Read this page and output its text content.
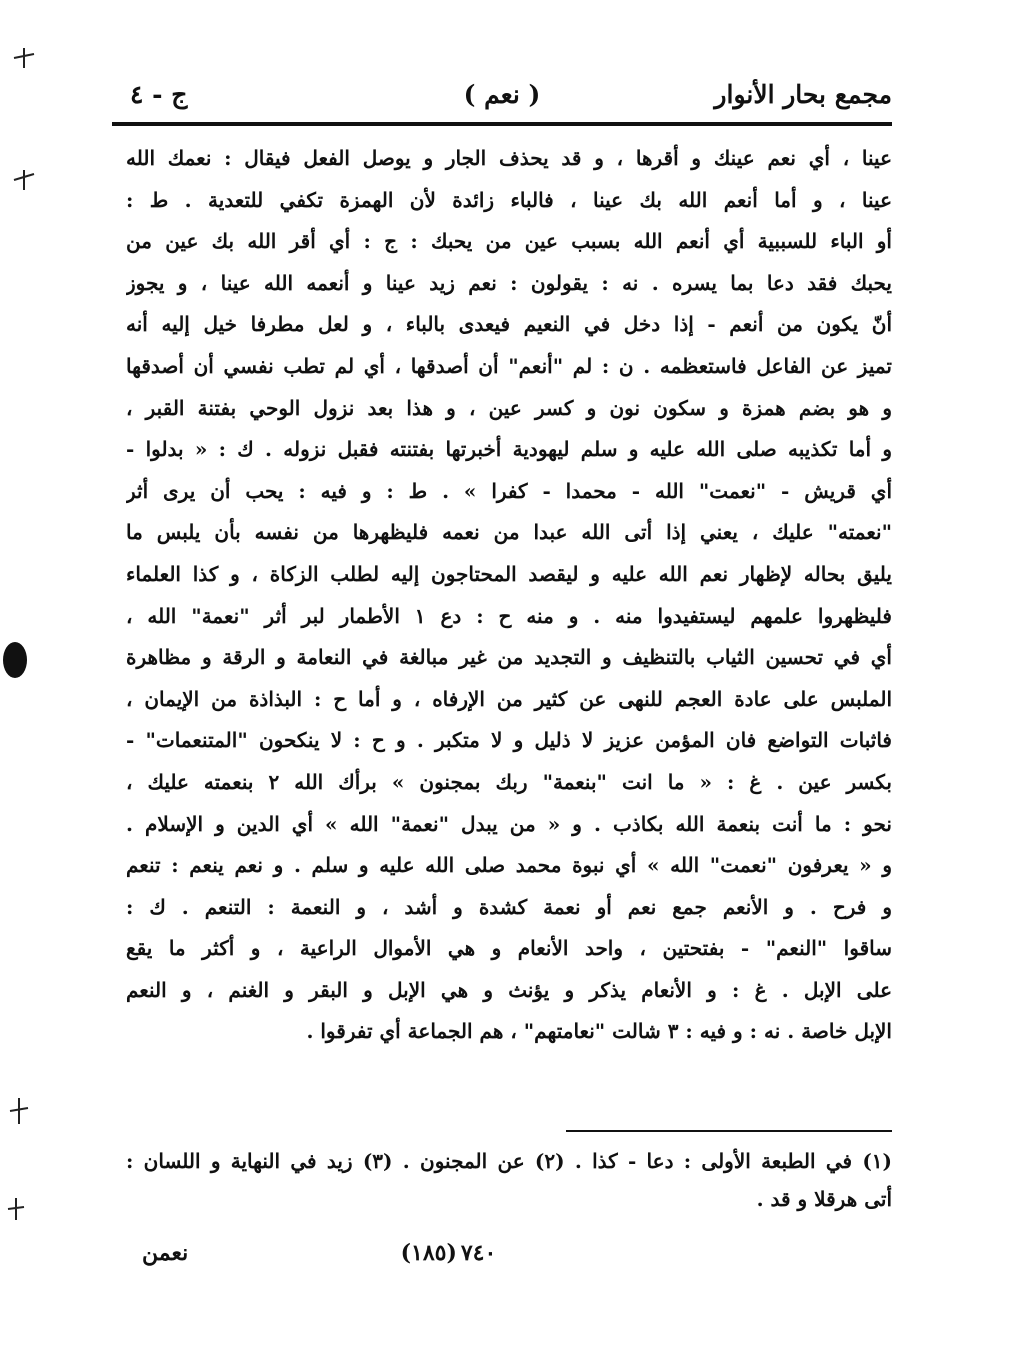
مجمع بحار الأنوار
( نعم )
ج - ٤
عينا ، أي نعم عينك و أقرها ، و قد يحذف الجار و يوصل الفعل فيقال : نعمك الله
عينا ، و أما أنعم الله بك عينا ، فالباء زائدة لأن الهمزة تكفي للتعدية . ط :
أو الباء للسببية أي أنعم الله بسبب عين من يحبك : ج : أي أقر الله بك عين من
يحبك فقد دعا بما يسره . نه : يقولون : نعم زيد عينا و أنعمه الله عينا ، و يجوز
أنّ يكون من أنعم - إذا دخل في النعيم فيعدى بالباء ، و لعل مطرفا خيل إليه أنه
تميز عن الفاعل فاستعظمه . ن : لم "أنعم" أن أصدقها ، أي لم تطب نفسي أن أصدقها
و هو بضم همزة و سكون نون و كسر عين ، و هذا بعد نزول الوحي بفتنة القبر ،
و أما تكذيبه صلى الله عليه و سلم ليهودية أخبرتها بفتنته فقبل نزوله . ك : « بدلوا -
أي قريش - "نعمت" الله - محمدا - كفرا » . ط : و فيه : يحب أن يرى أثر
"نعمته" عليك ، يعني إذا أتى الله عبدا من نعمه فليظهرها من نفسه بأن يلبس ما
يليق بحاله لإظهار نعم الله عليه و ليقصد المحتاجون إليه لطلب الزكاة ، و كذا العلماء
فليظهروا علمهم ليستفيدوا منه . و منه ح : دع ١ الأطمار لبر أثر "نعمة" الله ،
أي في تحسين الثياب بالتنظيف و التجديد من غير مبالغة في النعامة و الرقة و مظاهرة
الملبس على عادة العجم للنهى عن كثير من الإرفاه ، و أما ح : البذاذة من الإيمان ،
فاثبات التواضع فان المؤمن عزيز لا ذليل و لا متكبر . و ح : لا ينكحون "المتنعمات" -
بكسر عين . غ : « ما انت "بنعمة" ربك بمجنون » برأك الله ٢ بنعمته عليك ،
نحو : ما أنت بنعمة الله بكاذب . و « من يبدل "نعمة" الله » أي الدين و الإسلام .
و « يعرفون "نعمت" الله » أي نبوة محمد صلى الله عليه و سلم . و نعم ينعم : تنعم
و فرح . و الأنعم جمع نعم أو نعمة كشدة و أشد ، و النعمة : التنعم . ك :
ساقوا "النعم" - بفتحتين ، واحد الأنعام و هي الأموال الراعية ، و أكثر ما يقع
على الإبل . غ : و الأنعام يذكر و يؤنث و هي الإبل و البقر و الغنم ، و النعم
الإبل خاصة . نه : و فيه : ٣ شالت "نعامتهم" ، هم الجماعة أي تفرقوا .
(١) في الطبعة الأولى : دعا - كذا . (٢) عن المجنون . (٣) زيد في النهاية و اللسان :
أتى هرقلا و قد .
٧٤٠
(١٨٥)
نعمن
